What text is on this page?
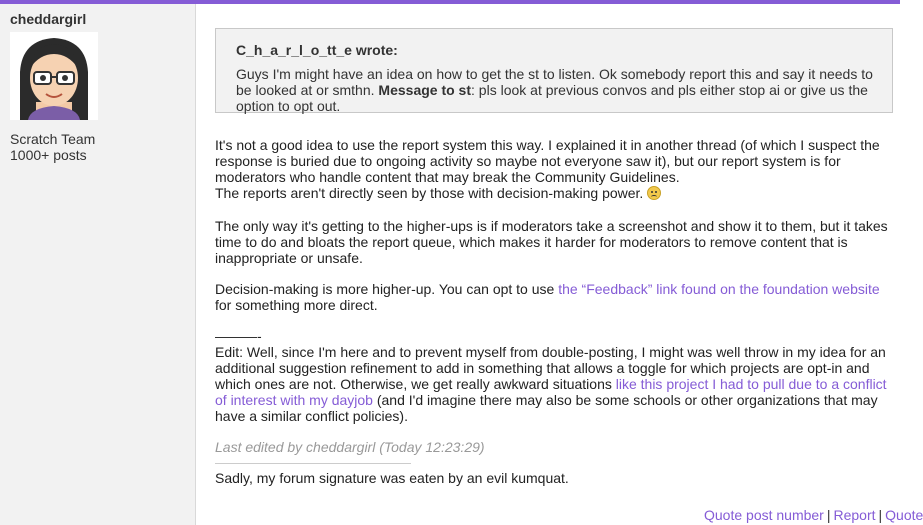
cheddargirl
Scratch Team
1000+ posts
C_h_a_r_l_o_tt_e wrote:
Guys I'm might have an idea on how to get the st to listen. Ok somebody report this and say it needs to be looked at or smthn. Message to st: pls look at previous convos and pls either stop ai or give us the option to opt out.
It's not a good idea to use the report system this way. I explained it in another thread (of which I suspect the response is buried due to ongoing activity so maybe not everyone saw it), but our report system is for moderators who handle content that may break the Community Guidelines.
The reports aren't directly seen by those with decision-making power.
The only way it's getting to the higher-ups is if moderators take a screenshot and show it to them, but it takes time to do and bloats the report queue, which makes it harder for moderators to remove content that is inappropriate or unsafe.
Decision-making is more higher-up. You can opt to use the “Feedback” link found on the foundation website for something more direct.
———-
Edit: Well, since I'm here and to prevent myself from double-posting, I might was well throw in my idea for an additional suggestion refinement to add in something that allows a toggle for which projects are opt-in and which ones are not. Otherwise, we get really awkward situations like this project I had to pull due to a conflict of interest with my dayjob (and I'd imagine there may also be some schools or other organizations that may have a similar conflict policies).
Last edited by cheddargirl (Today 12:23:29)
Sadly, my forum signature was eaten by an evil kumquat.
Quote post number | Report | Quote
